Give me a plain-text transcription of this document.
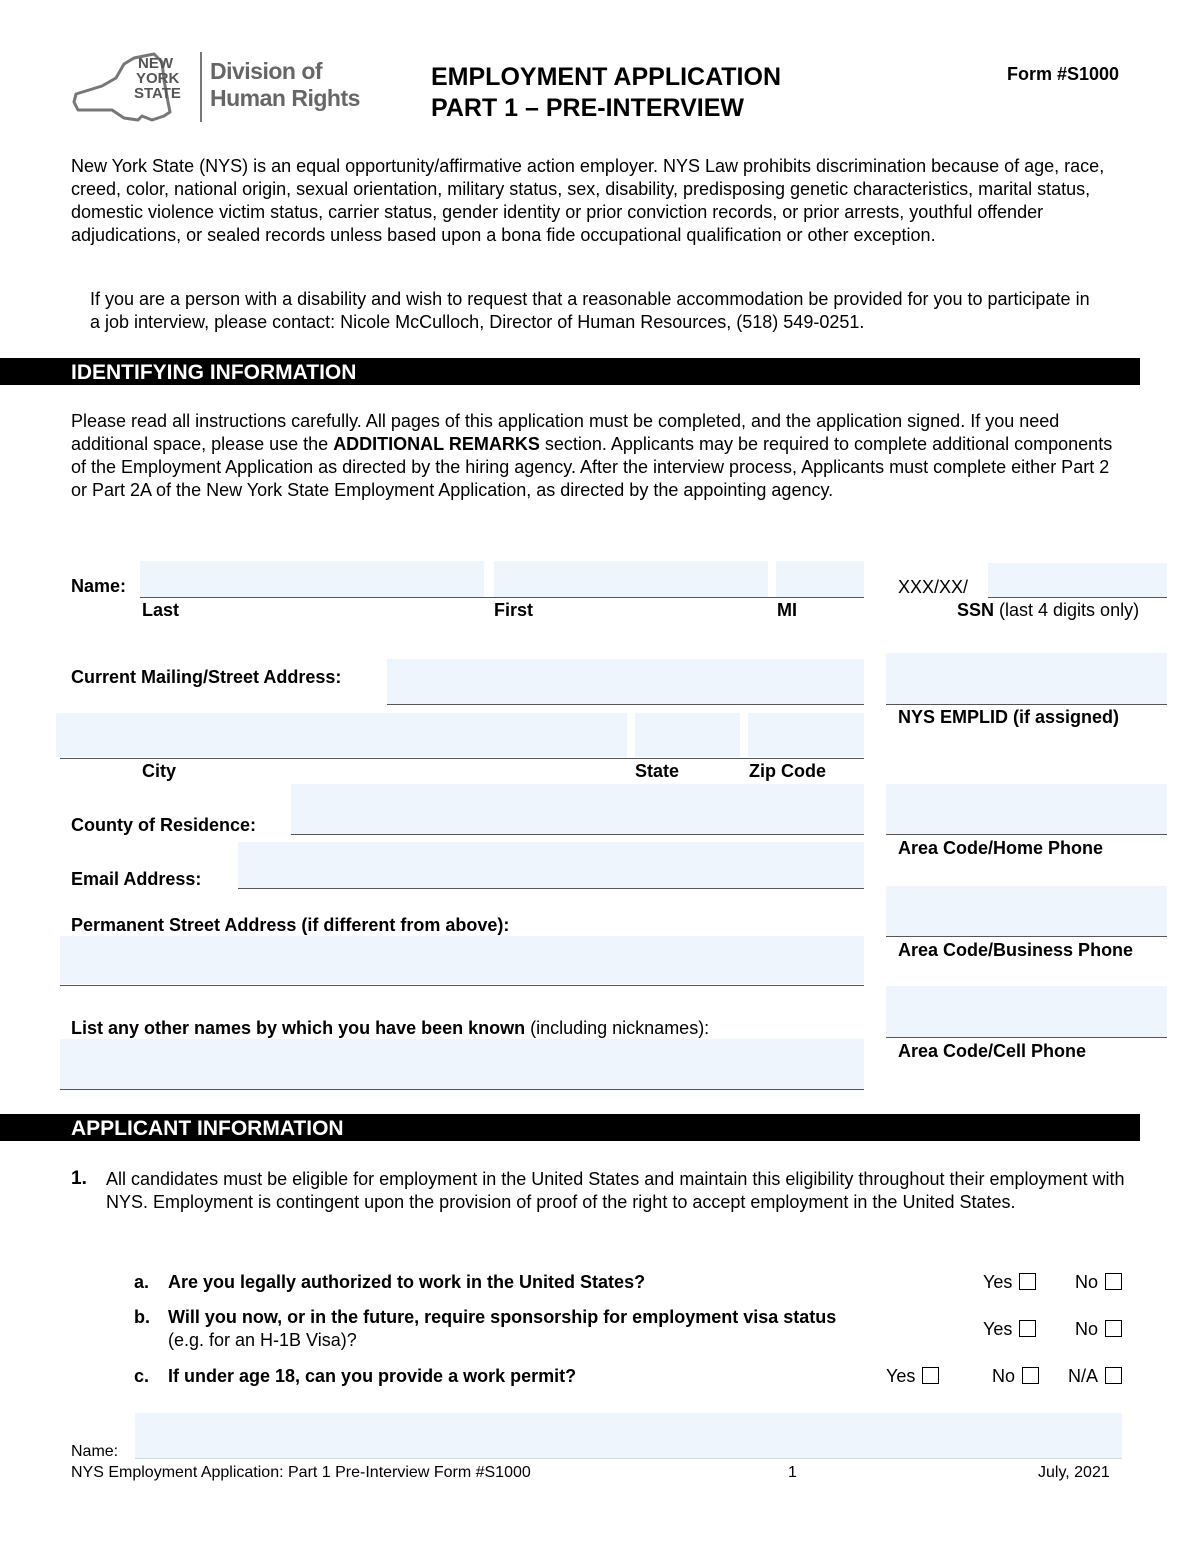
NEW
YORK
STATE
Division of
Human Rights
EMPLOYMENT APPLICATION
PART 1 – PRE-INTERVIEW
Form #S1000
New York State (NYS) is an equal opportunity/affirmative action employer. NYS Law prohibits discrimination because of age, race, creed, color, national origin, sexual orientation, military status, sex, disability, predisposing genetic characteristics, marital status, domestic violence victim status, carrier status, gender identity or prior conviction records, or prior arrests, youthful offender adjudications, or sealed records unless based upon a bona fide occupational qualification or other exception.
If you are a person with a disability and wish to request that a reasonable accommodation be provided for you to participate in a job interview, please contact: Nicole McCulloch, Director of Human Resources, (518) 549-0251.
IDENTIFYING INFORMATION
Please read all instructions carefully. All pages of this application must be completed, and the application signed. If you need additional space, please use the ADDITIONAL REMARKS section. Applicants may be required to complete additional components of the Employment Application as directed by the hiring agency. After the interview process, Applicants must complete either Part 2 or Part 2A of the New York State Employment Application, as directed by the appointing agency.
Name:
Last	First	MI
XXX/XX/
SSN (last 4 digits only)
Current Mailing/Street Address:
NYS EMPLID (if assigned)
City	State	Zip Code
County of Residence:
Area Code/Home Phone
Email Address:
Permanent Street Address (if different from above):
Area Code/Business Phone
List any other names by which you have been known (including nicknames):
Area Code/Cell Phone
APPLICANT INFORMATION
1. All candidates must be eligible for employment in the United States and maintain this eligibility throughout their employment with NYS. Employment is contingent upon the provision of proof of the right to accept employment in the United States.
a. Are you legally authorized to work in the United States?	Yes	No
b. Will you now, or in the future, require sponsorship for employment visa status
(e.g. for an H-1B Visa)?
Yes	No
c. If under age 18, can you provide a work permit?	Yes	No	N/A
Name:
NYS Employment Application: Part 1 Pre-Interview Form #S1000	1	July, 2021
